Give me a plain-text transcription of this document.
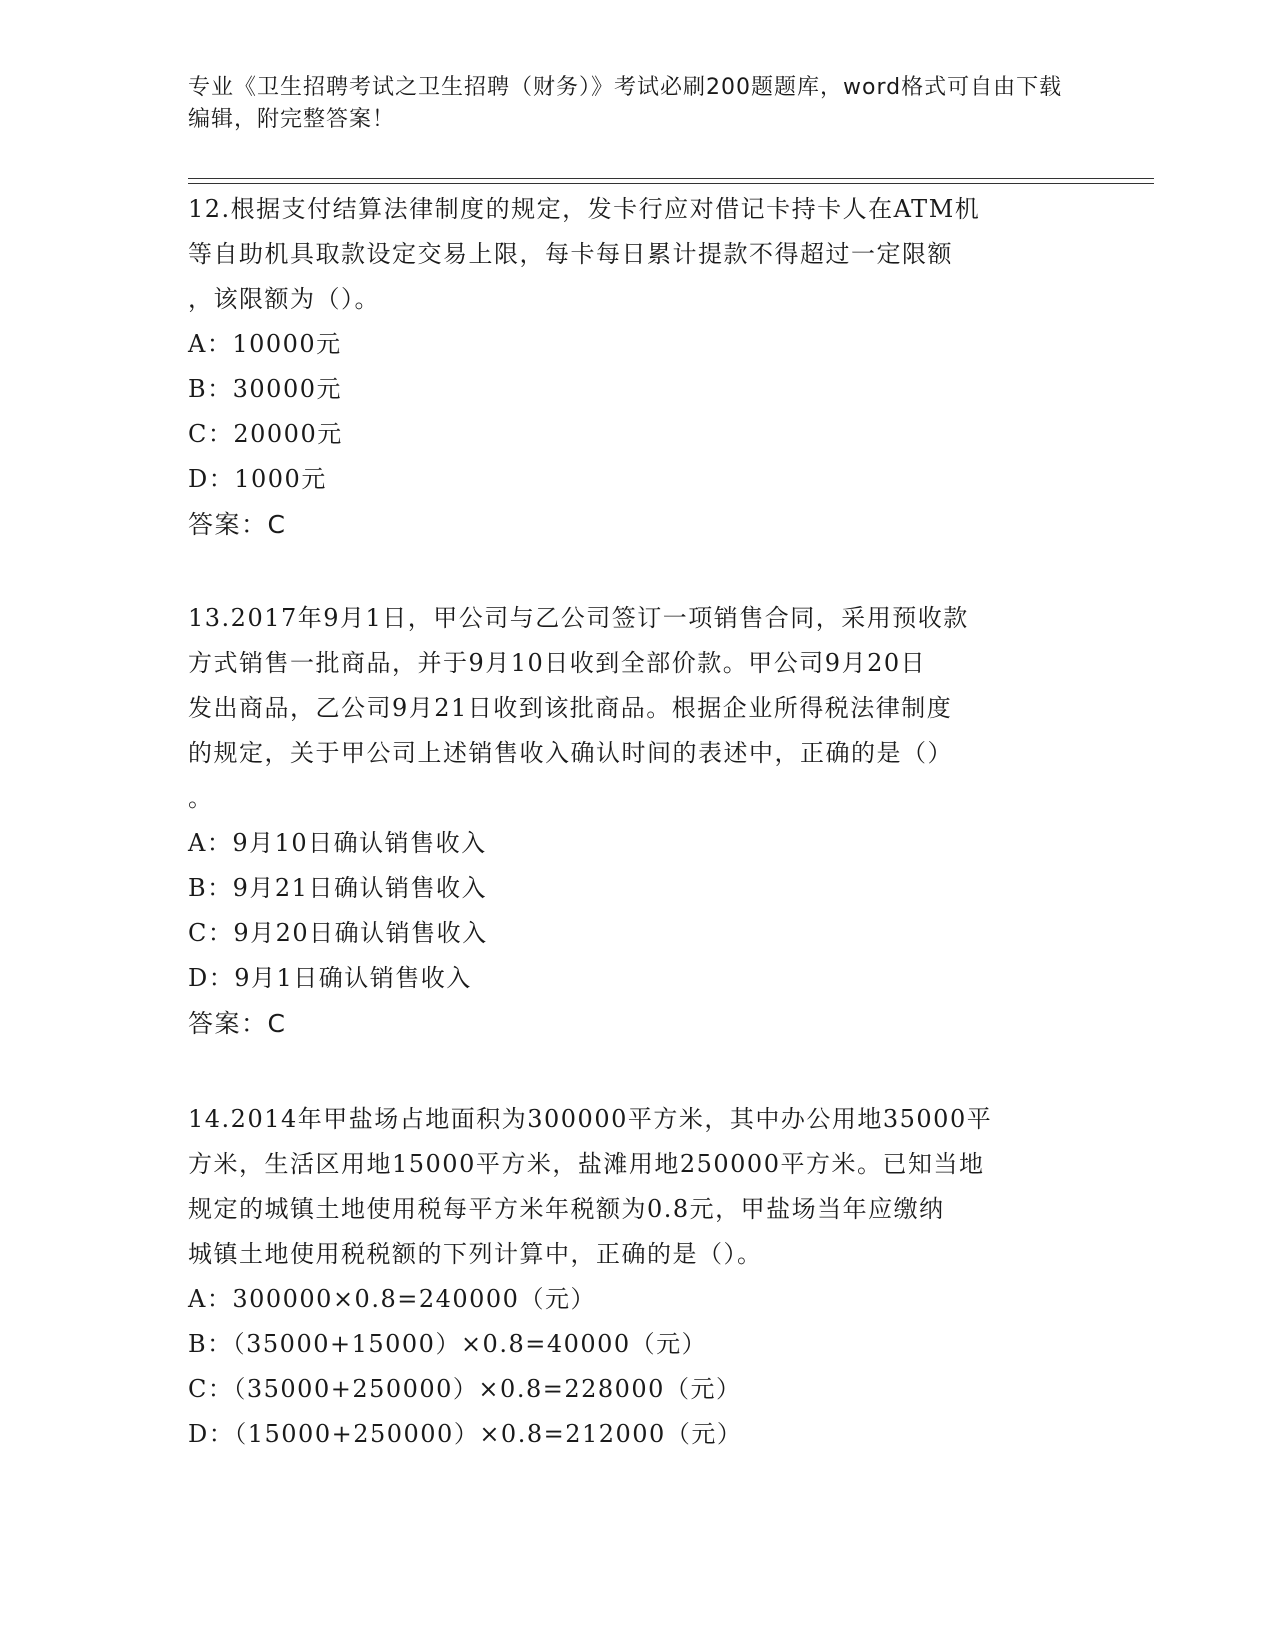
专业《卫生招聘考试之卫生招聘（财务）》考试必刷200题题库，word格式可自由下载编辑，附完整答案！

12.根据支付结算法律制度的规定，发卡行应对借记卡持卡人在ATM机

等自助机具取款设定交易上限，每卡每日累计提款不得超过一定限额

，该限额为（）。

A：10000元

B：30000元

C：20000元

D：1000元

答案：C

13.2017年9月1日，甲公司与乙公司签订一项销售合同，采用预收款

方式销售一批商品，并于9月10日收到全部价款。甲公司9月20日

发出商品，乙公司9月21日收到该批商品。根据企业所得税法律制度

的规定，关于甲公司上述销售收入确认时间的表述中，正确的是（）

。

A：9月10日确认销售收入

B：9月21日确认销售收入

C：9月20日确认销售收入

D：9月1日确认销售收入

答案：C

14.2014年甲盐场占地面积为300000平方米，其中办公用地35000平

方米，生活区用地15000平方米，盐滩用地250000平方米。已知当地

规定的城镇土地使用税每平方米年税额为0.8元，甲盐场当年应缴纳

城镇土地使用税税额的下列计算中，正确的是（）。

A：300000×0.8=240000（元）

B：（35000+15000）×0.8=40000（元）

C：（35000+250000）×0.8=228000（元）

D：（15000+250000）×0.8=212000（元）
